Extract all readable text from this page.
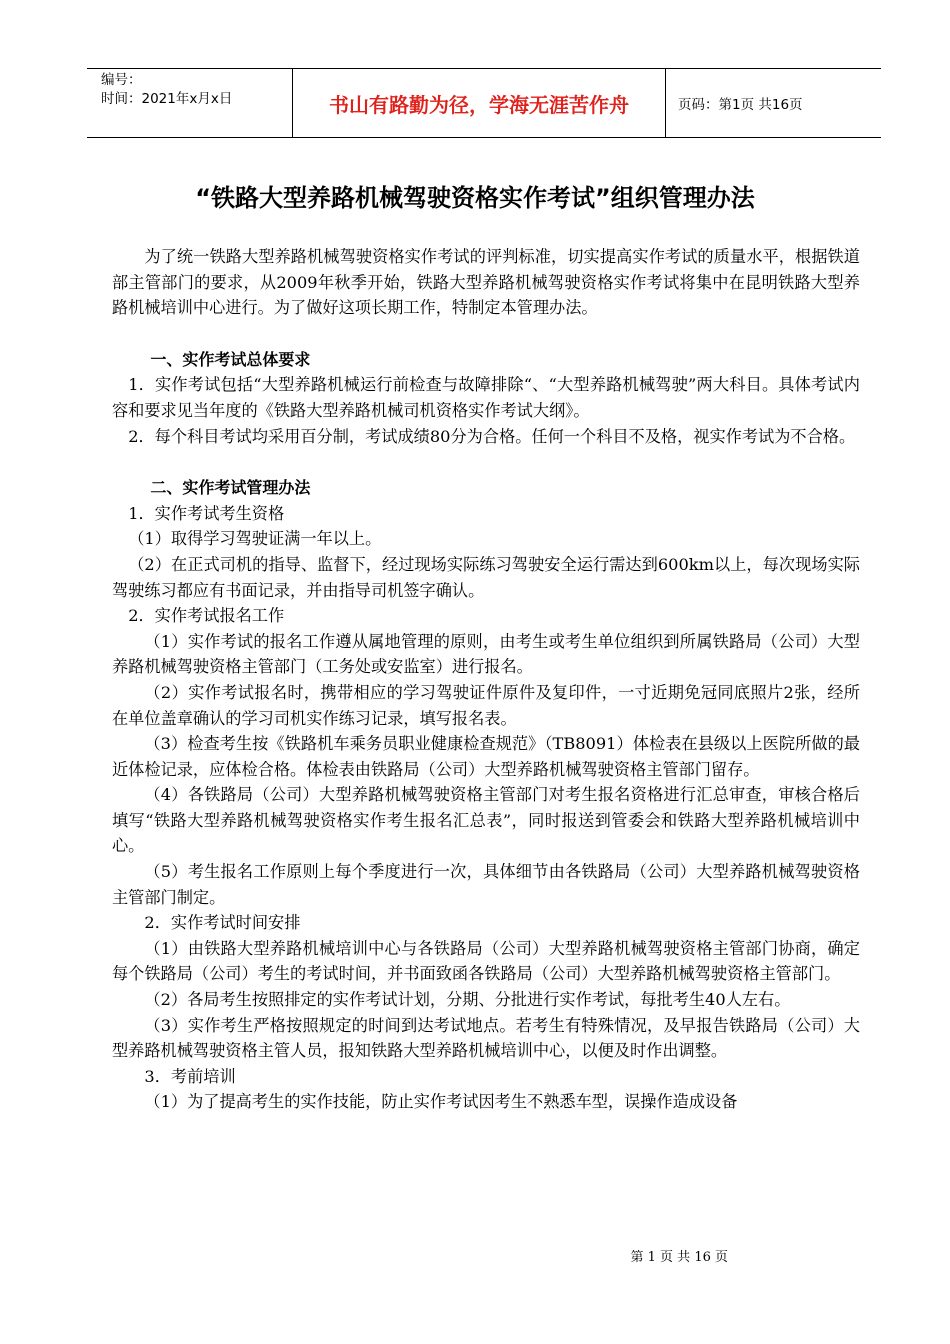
编号：
时间：2021年x月x日	书山有路勤为径，学海无涯苦作舟	页码：第1页 共16页
“铁路大型养路机械驾驶资格实作考试”组织管理办法

为了统一铁路大型养路机械驾驶资格实作考试的评判标准，切实提高实作考试的质量水平，根据铁道部主管部门的要求，从2009年秋季开始，铁路大型养路机械驾驶资格实作考试将集中在昆明铁路大型养路机械培训中心进行。为了做好这项长期工作，特制定本管理办法。

一、实作考试总体要求

1．实作考试包括“大型养路机械运行前检查与故障排除“、“大型养路机械驾驶”两大科目。具体考试内容和要求见当年度的《铁路大型养路机械司机资格实作考试大纲》。

2．每个科目考试均采用百分制，考试成绩80分为合格。任何一个科目不及格，视实作考试为不合格。

二、实作考试管理办法

1．实作考试考生资格

（1）取得学习驾驶证满一年以上。

（2）在正式司机的指导、监督下，经过现场实际练习驾驶安全运行需达到600km以上，每次现场实际驾驶练习都应有书面记录，并由指导司机签字确认。

2．实作考试报名工作

（1）实作考试的报名工作遵从属地管理的原则，由考生或考生单位组织到所属铁路局（公司）大型养路机械驾驶资格主管部门（工务处或安监室）进行报名。

（2）实作考试报名时，携带相应的学习驾驶证件原件及复印件，一寸近期免冠同底照片2张，经所在单位盖章确认的学习司机实作练习记录，填写报名表。

（3）检查考生按《铁路机车乘务员职业健康检查规范》（TB8091）体检表在县级以上医院所做的最近体检记录，应体检合格。体检表由铁路局（公司）大型养路机械驾驶资格主管部门留存。

（4）各铁路局（公司）大型养路机械驾驶资格主管部门对考生报名资格进行汇总审查，审核合格后填写“铁路大型养路机械驾驶资格实作考生报名汇总表”，同时报送到管委会和铁路大型养路机械培训中心。

（5）考生报名工作原则上每个季度进行一次，具体细节由各铁路局（公司）大型养路机械驾驶资格主管部门制定。

2．实作考试时间安排

（1）由铁路大型养路机械培训中心与各铁路局（公司）大型养路机械驾驶资格主管部门协商，确定每个铁路局（公司）考生的考试时间，并书面致函各铁路局（公司）大型养路机械驾驶资格主管部门。

（2）各局考生按照排定的实作考试计划，分期、分批进行实作考试，每批考生40人左右。

（3）实作考生严格按照规定的时间到达考试地点。若考生有特殊情况，及早报告铁路局（公司）大型养路机械驾驶资格主管人员，报知铁路大型养路机械培训中心，以便及时作出调整。

3．考前培训

（1）为了提高考生的实作技能，防止实作考试因考生不熟悉车型，误操作造成设备

第 1 页 共 16 页
